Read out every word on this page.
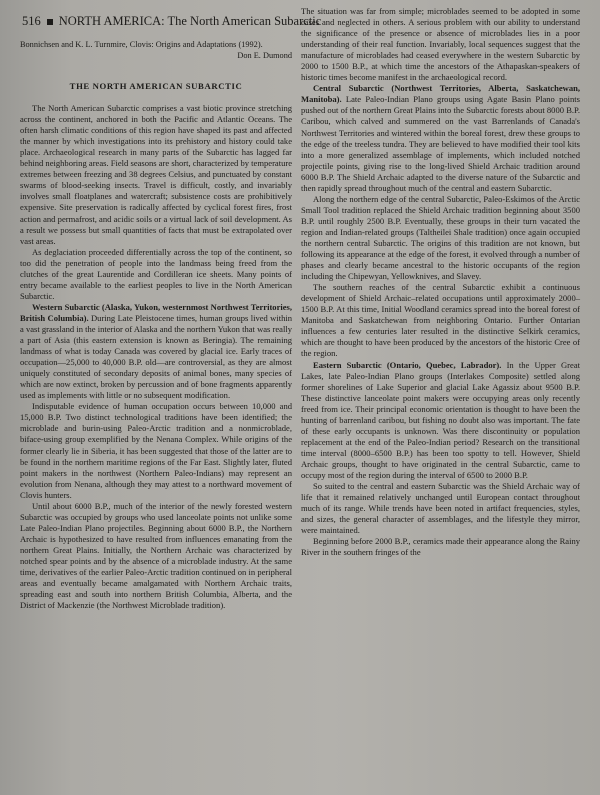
516 NORTH AMERICA: The North American Subarctic
Bonnichsen and K. L. Turnmire, Clovis: Origins and Adaptations (1992).
Don E. Dumond
THE NORTH AMERICAN SUBARCTIC

The North American Subarctic comprises a vast biotic province stretching across the continent, anchored in both the Pacific and Atlantic Oceans. The often harsh climatic conditions of this region have shaped its past and affected the manner by which investigations into its prehistory and history could take place. Archaeological research in many parts of the Subarctic has lagged far behind neighboring areas. Field seasons are short, characterized by temperature extremes between freezing and 38 degrees Celsius, and punctuated by constant swarms of blood-seeking insects. Travel is difficult, costly, and invariably involves small floatplanes and watercraft; subsistence costs are prohibitively expensive. Site preservation is radically affected by cyclical forest fires, frost action and permafrost, and acidic soils or a virtual lack of soil development. As a result we possess but small quantities of facts that must be extrapolated over vast areas.

As deglaciation proceeded differentially across the top of the continent, so too did the penetration of people into the landmass being freed from the clutches of the great Laurentide and Cordilleran ice sheets. Many points of entry became available to the earliest peoples to live in the North American Subarctic.

Western Subarctic (Alaska, Yukon, westernmost Northwest Territories, British Columbia). During Late Pleistocene times, human groups lived within a vast grassland in the interior of Alaska and the northern Yukon that was really a part of Asia (this eastern extension is known as Beringia). The remaining landmass of what is today Canada was covered by glacial ice. Early traces of occupation—25,000 to 40,000 B.P. old—are controversial, as they are almost uniquely constituted of secondary deposits of animal bones, many species of which are now extinct, broken by percussion and of bone fragments apparently used as implements with little or no subsequent modification.

Indisputable evidence of human occupation occurs between 10,000 and 15,000 B.P. Two distinct technological traditions have been identified; the microblade and burin-using Paleo-Arctic tradition and a nonmicroblade, biface-using group exemplified by the Nenana Complex. While origins of the former clearly lie in Siberia, it has been suggested that those of the latter are to be found in the northern maritime regions of the Far East. Slightly later, fluted point makers in the northwest (Northern Paleo-Indians) may represent an evolution from Nenana, although they may attest to a northward movement of Clovis hunters.

Until about 6000 B.P., much of the interior of the newly forested western Subarctic was occupied by groups who used lanceolate points not unlike some Late Paleo-Indian Plano projectiles. Beginning about 6000 B.P., the Northern Archaic is hypothesized to have resulted from influences emanating from the northern Great Plains. Initially, the Northern Archaic was characterized by notched spear points and by the absence of a microblade industry. At the same time, derivatives of the earlier Paleo-Arctic tradition continued on in peripheral areas and eventually became amalgamated with Northern Archaic traits, spreading east and south into northern British Columbia, Alberta, and the District of Mackenzie (the Northwest Microblade tradition).

The situation was far from simple; microblades seemed to be adopted in some cases and neglected in others. A serious problem with our ability to understand the significance of the presence or absence of microblades lies in a poor understanding of their real function. Invariably, local sequences suggest that the manufacture of microblades had ceased everywhere in the western Subarctic by 2000 to 1500 B.P., at which time the ancestors of the Athapaskan-speakers of historic times become manifest in the archaeological record.

Central Subarctic (Northwest Territories, Alberta, Saskatchewan, Manitoba). Late Paleo-Indian Plano groups using Agate Basin Plano points pushed out of the northern Great Plains into the Subarctic forests about 8000 B.P. Caribou, which calved and summered on the vast Barrenlands of Canada's Northwest Territories and wintered within the boreal forest, drew these groups to the edge of the treeless tundra. They are believed to have modified their tool kits into a more generalized assemblage of implements, which included notched projectile points, giving rise to the long-lived Shield Archaic tradition around 6000 B.P. The Shield Archaic adapted to the diverse nature of the Subarctic and then rapidly spread throughout much of the central and eastern Subarctic.

Along the northern edge of the central Subarctic, Paleo-Eskimos of the Arctic Small Tool tradition replaced the Shield Archaic tradition beginning about 3500 B.P. until roughly 2500 B.P. Eventually, these groups in their turn vacated the region and Indian-related groups (Taltheilei Shale tradition) once again occupied the northern central Subarctic. The origins of this tradition are not known, but following its appearance at the edge of the forest, it evolved through a number of phases and clearly became ancestral to the historic occupants of the region including the Chipewyan, Yellowknives, and Slavey.

The southern reaches of the central Subarctic exhibit a continuous development of Shield Archaic–related occupations until approximately 2000–1500 B.P. At this time, Initial Woodland ceramics spread into the boreal forest of Manitoba and Saskatchewan from neighboring Ontario. Further Ontarian influences a few centuries later resulted in the distinctive Selkirk ceramics, which are thought to have been produced by the ancestors of the historic Cree of the region.

Eastern Subarctic (Ontario, Quebec, Labrador). In the Upper Great Lakes, late Paleo-Indian Plano groups (Interlakes Composite) settled along former shorelines of Lake Superior and glacial Lake Agassiz about 9500 B.P. These distinctive lanceolate point makers were occupying areas only recently freed from ice. Their principal economic orientation is thought to have been the hunting of barrenland caribou, but fishing no doubt also was important. The fate of these early occupants is unknown. Was there discontinuity or population replacement at the end of the Paleo-Indian period? Research on the transitional time interval (8000–6500 B.P.) has been too spotty to tell. However, Shield Archaic groups, thought to have originated in the central Subarctic, came to occupy most of the region during the interval of 6500 to 2000 B.P.

So suited to the central and eastern Subarctic was the Shield Archaic way of life that it remained relatively unchanged until European contact throughout much of its range. While trends have been noted in artifact frequencies, styles, and sizes, the general character of assemblages, and the lifestyle they mirror, were maintained.

Beginning before 2000 B.P., ceramics made their appearance along the Rainy River in the southern fringes of the
